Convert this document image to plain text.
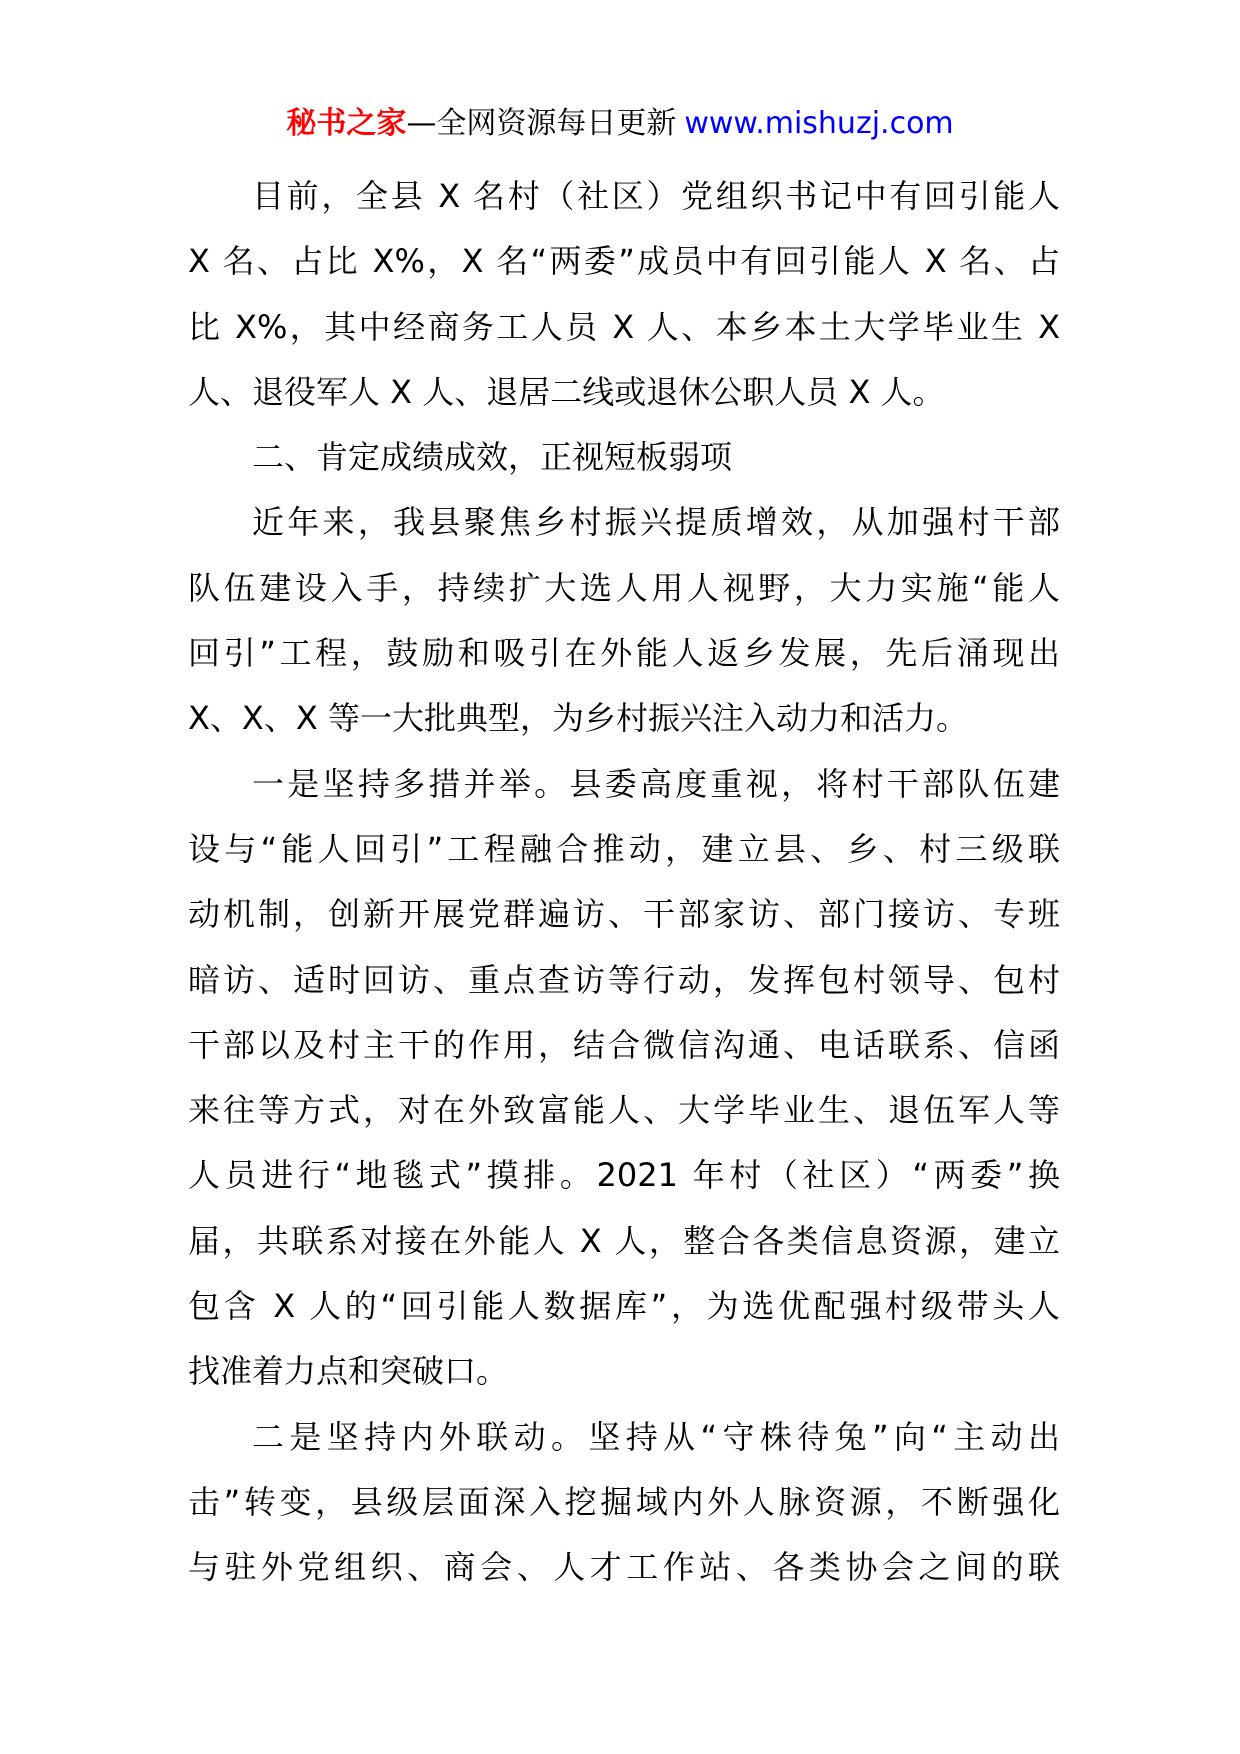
秘书之家—全网资源每日更新 www.mishuzj.com
目前，全县 X 名村（社区）党组织书记中有回引能人
X 名、占比 X%，X 名“两委”成员中有回引能人 X 名、占
比 X%，其中经商务工人员 X 人、本乡本土大学毕业生 X
人、退役军人 X 人、退居二线或退休公职人员 X 人。
二、肯定成绩成效，正视短板弱项
近年来，我县聚焦乡村振兴提质增效，从加强村干部
队伍建设入手，持续扩大选人用人视野，大力实施“能人
回引”工程，鼓励和吸引在外能人返乡发展，先后涌现出
X、X、X 等一大批典型，为乡村振兴注入动力和活力。
一是坚持多措并举。县委高度重视，将村干部队伍建
设与“能人回引”工程融合推动，建立县、乡、村三级联
动机制，创新开展党群遍访、干部家访、部门接访、专班
暗访、适时回访、重点查访等行动，发挥包村领导、包村
干部以及村主干的作用，结合微信沟通、电话联系、信函
来往等方式，对在外致富能人、大学毕业生、退伍军人等
人员进行“地毯式”摸排。2021 年村（社区）“两委”换
届，共联系对接在外能人 X 人，整合各类信息资源，建立
包含 X 人的“回引能人数据库”，为选优配强村级带头人
找准着力点和突破口。
二是坚持内外联动。坚持从“守株待兔”向“主动出
击”转变，县级层面深入挖掘域内外人脉资源，不断强化
与驻外党组织、商会、人才工作站、各类协会之间的联
